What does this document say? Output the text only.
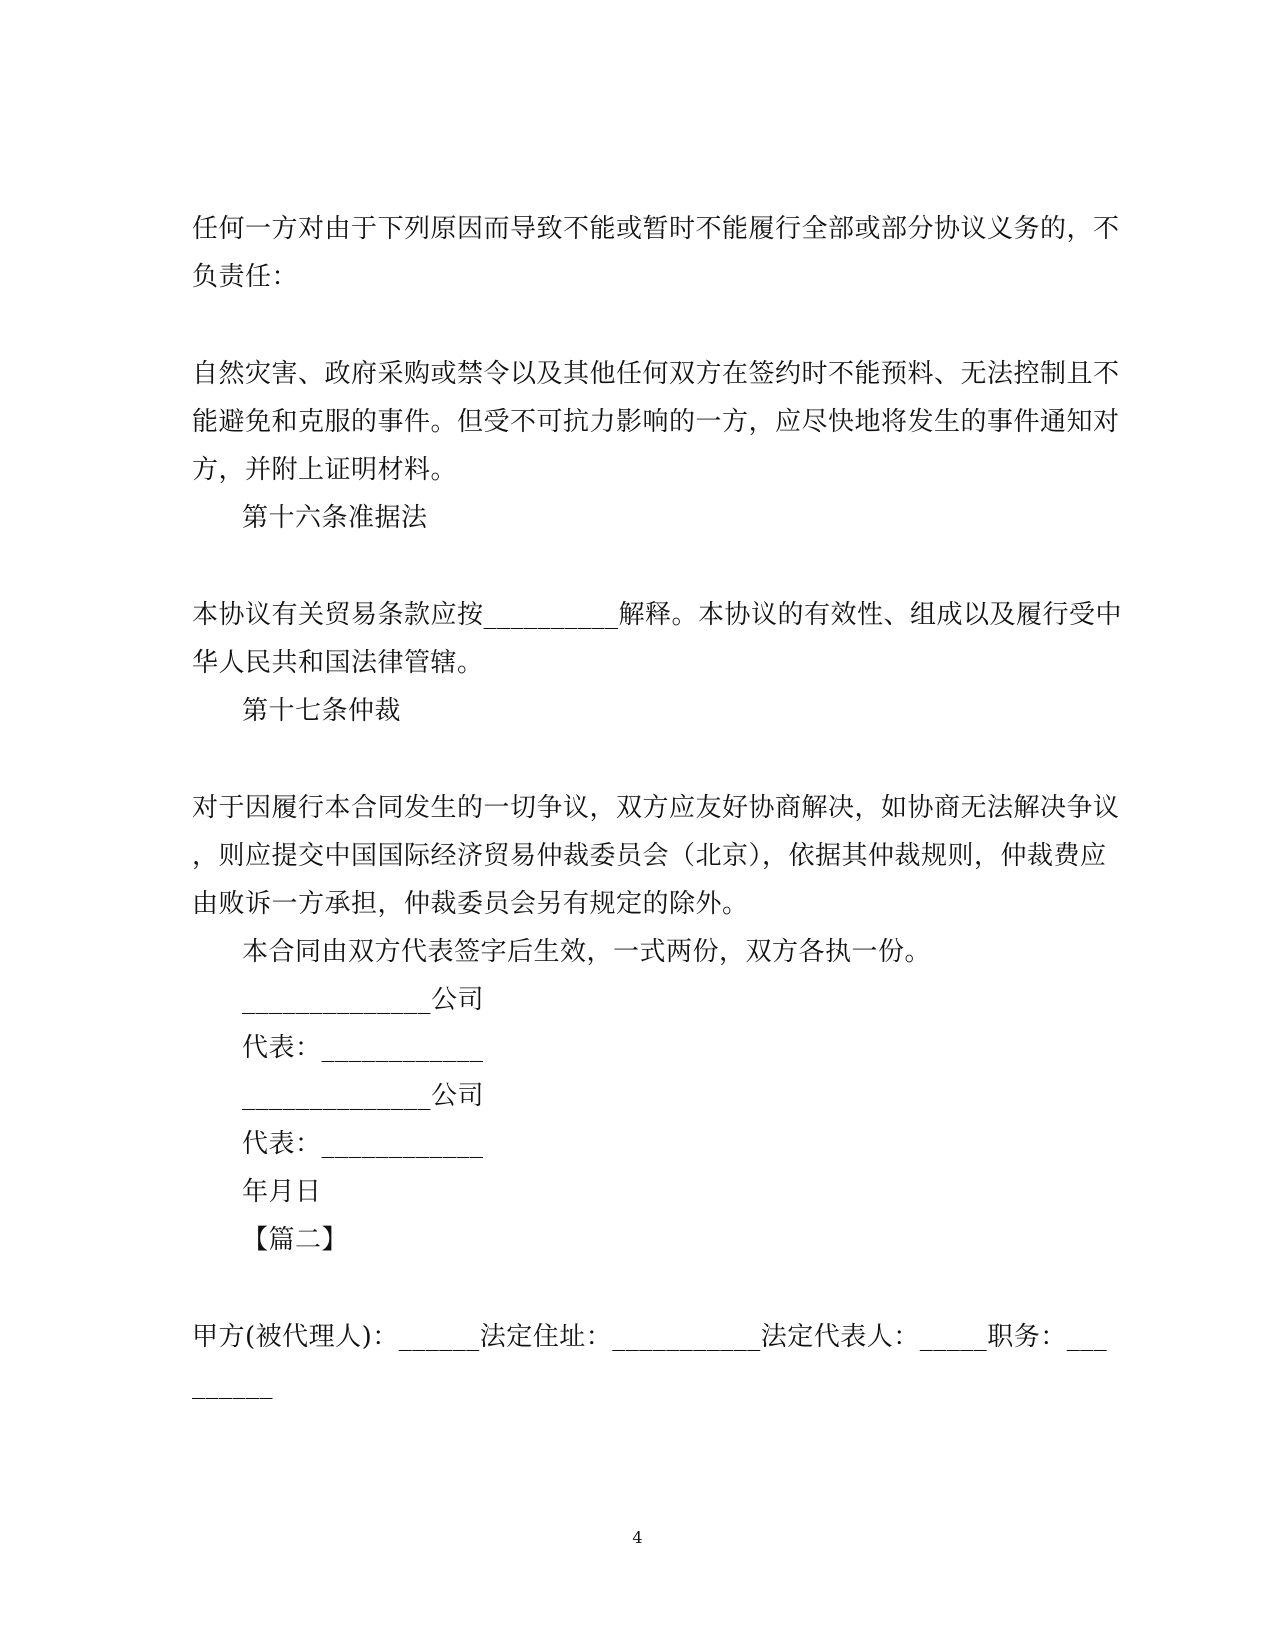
任何一方对由于下列原因而导致不能或暂时不能履行全部或部分协议义务的，不
负责任：
自然灾害、政府采购或禁令以及其他任何双方在签约时不能预料、无法控制且不
能避免和克服的事件。但受不可抗力影响的一方，应尽快地将发生的事件通知对
方，并附上证明材料。
第十六条准据法
本协议有关贸易条款应按__________解释。本协议的有效性、组成以及履行受中
华人民共和国法律管辖。
第十七条仲裁
对于因履行本合同发生的一切争议，双方应友好协商解决，如协商无法解决争议
，则应提交中国国际经济贸易仲裁委员会（北京），依据其仲裁规则，仲裁费应
由败诉一方承担，仲裁委员会另有规定的除外。
本合同由双方代表签字后生效，一式两份，双方各执一份。
______________公司
代表：____________
______________公司
代表：____________
年月日
【篇二】
甲方(被代理人)：______法定住址：___________法定代表人：_____职务：___
______
4
